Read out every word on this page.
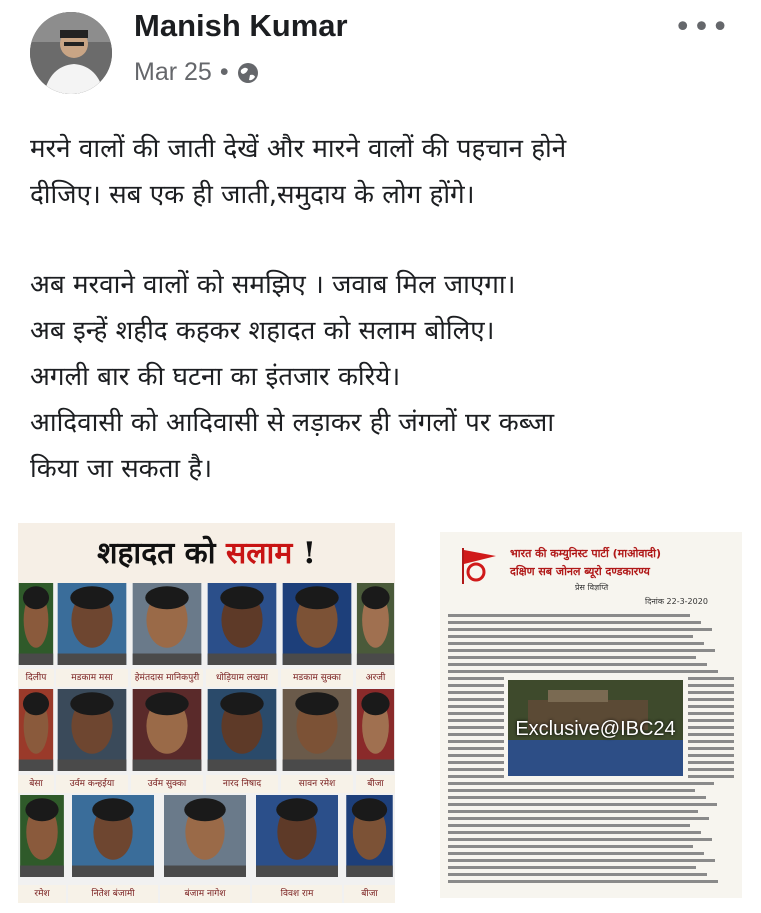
Manish Kumar
Mar 25 •
•••

मरने वालों की जाती देखें और मारने वालों की पहचान होने

दीजिए। सब एक ही जाती,समुदाय के लोग होंगे।

अब मरवाने वालों को समझिए । जवाब मिल जाएगा।

अब इन्हें शहीद कहकर शहादत को सलाम बोलिए।

अगली बार की घटना का इंतजार करिये।

आदिवासी को आदिवासी से लड़ाकर ही जंगलों पर कब्जा

किया जा सकता है।

शहादत को सलाम !
दिलीप	मडकाम मसा	हेमंतदास मानिकपुरी	धोड़ियाम लखमा	मडकाम सुक्का	अरजी
बेसा	उर्वम कन्हईया	उर्वम सुक्का	नारद निषाद	सावन रमेश	बीजा
रमेश	नितेश बंजामी	बंजाम नागेश	विवश राम	बीजा
भारत की कम्युनिस्ट पार्टी (माओवादी)
दक्षिण सब जोनल ब्यूरो दण्डकारण्य
प्रेस विज्ञप्ति
दिनांक 22-3-2020
Exclusive@IBC24
